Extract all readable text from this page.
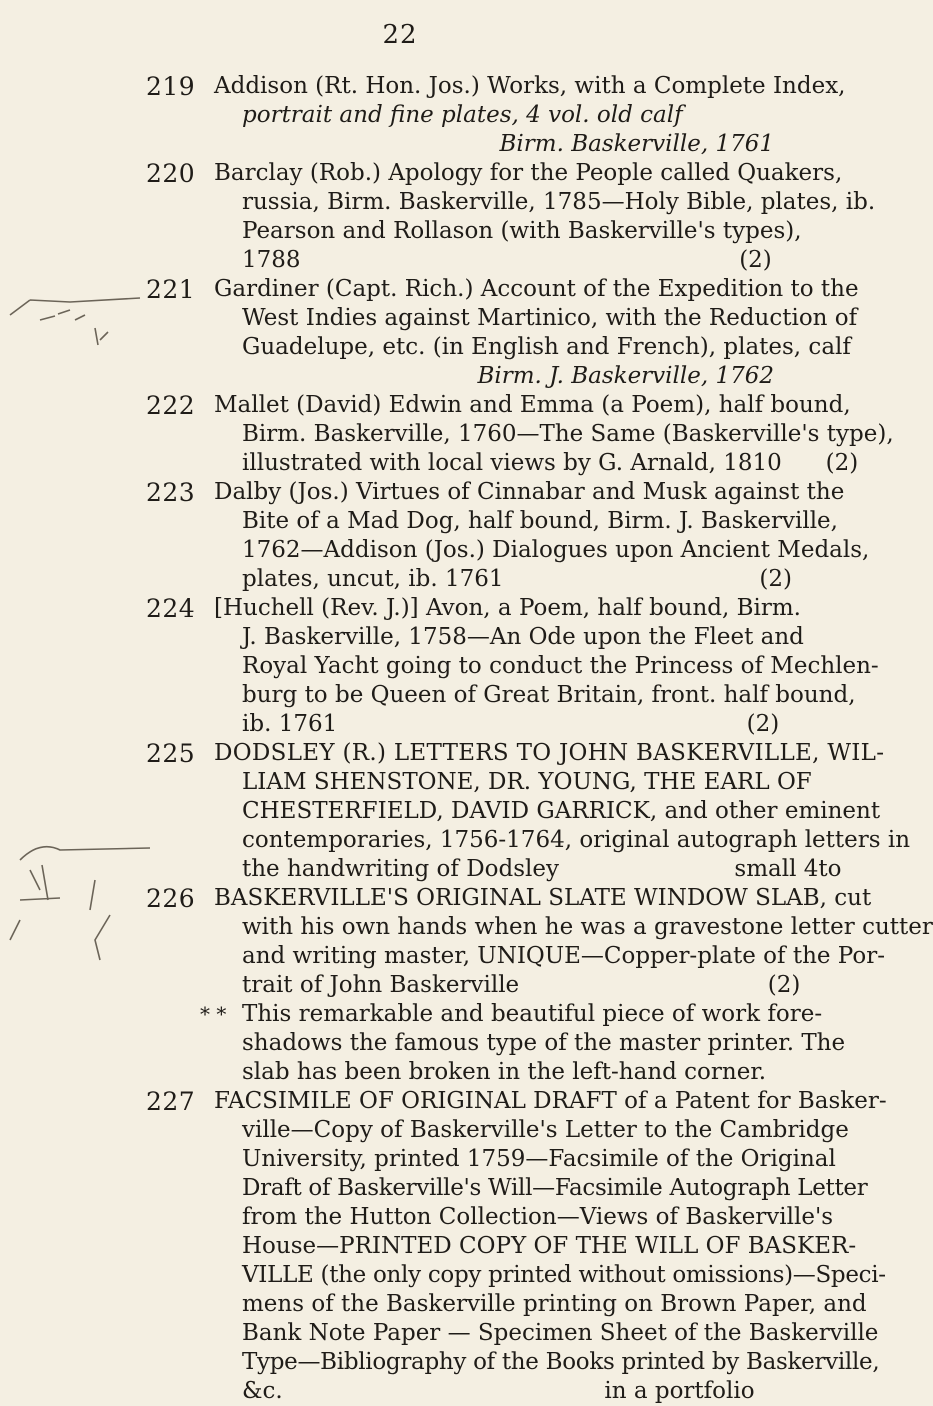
22
219 Addison (Rt. Hon. Jos.) Works, with a Complete Index,
portrait and fine plates, 4 vol. old calf
Birm. Baskerville, 1761
220 Barclay (Rob.) Apology for the People called Quakers,
russia, Birm. Baskerville, 1785—Holy Bible, plates, ib.
Pearson and Rollason (with Baskerville's types),
1788                                                            (2)
221 Gardiner (Capt. Rich.) Account of the Expedition to the
West Indies against Martinico, with the Reduction of
Guadelupe, etc. (in English and French), plates, calf
Birm. J. Baskerville, 1762
222 Mallet (David) Edwin and Emma (a Poem), half bound,
Birm. Baskerville, 1760—The Same (Baskerville's type),
illustrated with local views by G. Arnald, 1810      (2)
223 Dalby (Jos.) Virtues of Cinnabar and Musk against the
Bite of a Mad Dog, half bound, Birm. J. Baskerville,
1762—Addison (Jos.) Dialogues upon Ancient Medals,
plates, uncut, ib. 1761                                   (2)
224 [Huchell (Rev. J.)] Avon, a Poem, half bound, Birm.
J. Baskerville, 1758—An Ode upon the Fleet and
Royal Yacht going to conduct the Princess of Mechlen-
burg to be Queen of Great Britain, front. half bound,
ib. 1761                                                        (2)
225 DODSLEY (R.) LETTERS TO JOHN BASKERVILLE, WIL-
LIAM SHENSTONE, DR. YOUNG, THE EARL OF
CHESTERFIELD, DAVID GARRICK, and other eminent
contemporaries, 1756-1764, original autograph letters in
the handwriting of Dodsley                        small 4to
226 BASKERVILLE'S ORIGINAL SLATE WINDOW SLAB, cut
with his own hands when he was a gravestone letter cutter
and writing master, UNIQUE—Copper-plate of the Por-
trait of John Baskerville                                  (2)
* * This remarkable and beautiful piece of work fore-
shadows the famous type of the master printer. The
slab has been broken in the left-hand corner.
227 FACSIMILE OF ORIGINAL DRAFT of a Patent for Basker-
ville—Copy of Baskerville's Letter to the Cambridge
University, printed 1759—Facsimile of the Original
Draft of Baskerville's Will—Facsimile Autograph Letter
from the Hutton Collection—Views of Baskerville's
House—PRINTED COPY OF THE WILL OF BASKER-
VILLE (the only copy printed without omissions)—Speci-
mens of the Baskerville printing on Brown Paper, and
Bank Note Paper — Specimen Sheet of the Baskerville
Type—Bibliography of the Books printed by Baskerville,
&c.                                            in a portfolio
